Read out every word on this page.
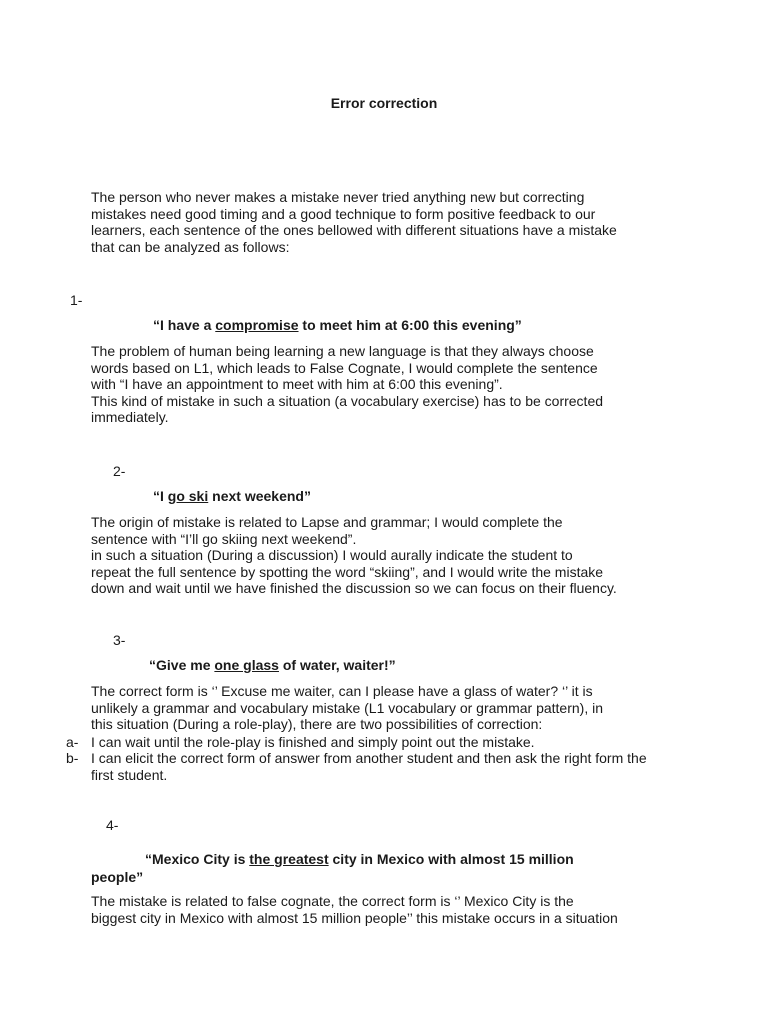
Error correction
The person who never makes a mistake never tried anything new but correcting
mistakes need good timing and a good technique to form positive feedback to our
learners, each sentence of the ones bellowed with different situations have a mistake
that can be analyzed as follows:
1-
“I have a compromise to meet him at 6:00 this evening”
The problem of human being learning a new language is that they always choose
words based on L1, which leads to False Cognate, I would complete the sentence
with “I have an appointment to meet with him at 6:00 this evening”.
This kind of mistake in such a situation (a vocabulary exercise) has to be corrected
immediately.
2-
“I go ski next weekend”
The origin of mistake is related to Lapse and grammar; I would complete the
sentence with “I’ll go skiing next weekend”.
in such a situation (During a discussion) I would aurally indicate the student to
repeat the full sentence by spotting the word “skiing”, and I would write the mistake
down and wait until we have finished the discussion so we can focus on their fluency.
3-
“Give me one glass of water, waiter!”
The correct form is ‘’ Excuse me waiter, can I please have a glass of water? ‘’ it is
unlikely a grammar and vocabulary mistake (L1 vocabulary or grammar pattern), in
this situation (During a role-play), there are two possibilities of correction:
a- I can wait until the role-play is finished and simply point out the mistake.
b- I can elicit the correct form of answer from another student and then ask the right form the first student.
4-
“Mexico City is the greatest city in Mexico with almost 15 million
people”
The mistake is related to false cognate, the correct form is ‘’ Mexico City is the
biggest city in Mexico with almost 15 million people’’ this mistake occurs in a situation
